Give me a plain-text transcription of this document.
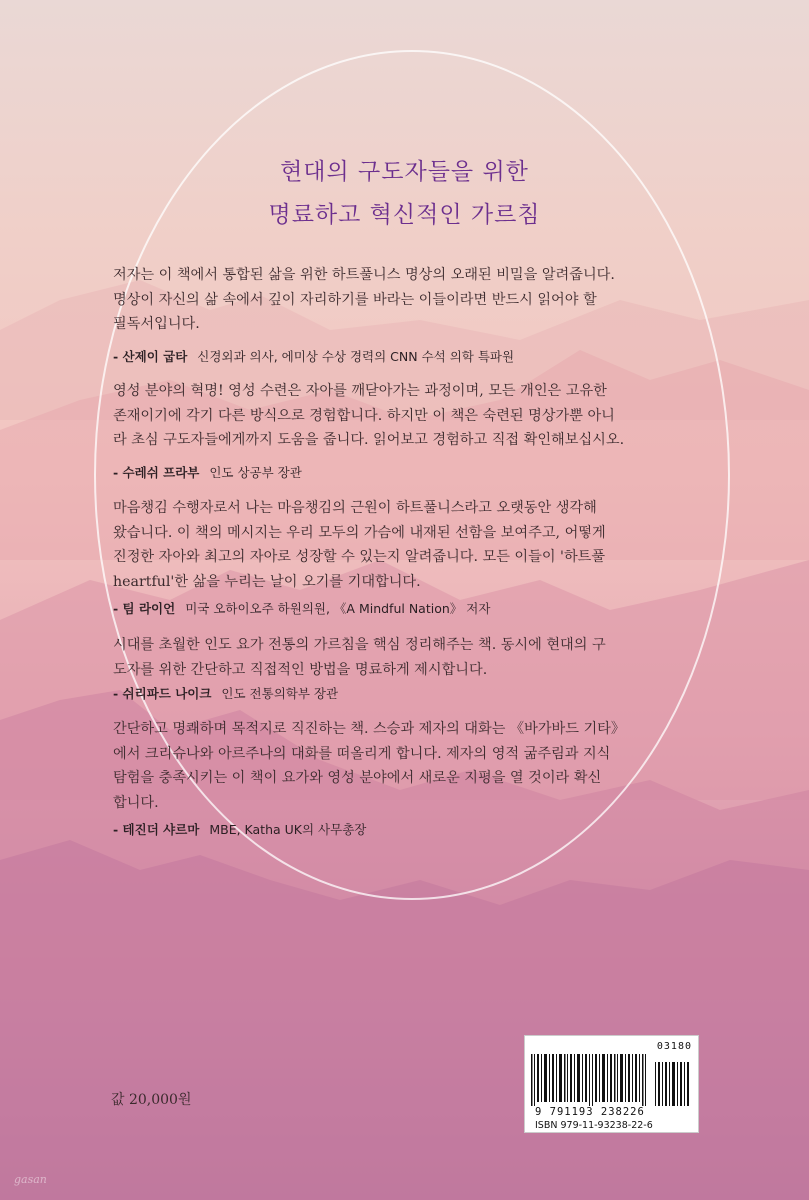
현대의 구도자들을 위한
명료하고 혁신적인 가르침
저자는 이 책에서 통합된 삶을 위한 하트풀니스 명상의 오래된 비밀을 알려줍니다.
명상이 자신의 삶 속에서 깊이 자리하기를 바라는 이들이라면 반드시 읽어야 할
필독서입니다.
- 산제이 굽타 신경외과 의사, 에미상 수상 경력의 CNN 수석 의학 특파원
영성 분야의 혁명! 영성 수련은 자아를 깨닫아가는 과정이며, 모든 개인은 고유한
존재이기에 각기 다른 방식으로 경험합니다. 하지만 이 책은 숙련된 명상가뿐 아니
라 초심 구도자들에게까지 도움을 줍니다. 읽어보고 경험하고 직접 확인해보십시오.
- 수레쉬 프라부 인도 상공부 장관
마음챙김 수행자로서 나는 마음챙김의 근원이 하트풀니스라고 오랫동안 생각해
왔습니다. 이 책의 메시지는 우리 모두의 가슴에 내재된 선함을 보여주고, 어떻게
진정한 자아와 최고의 자아로 성장할 수 있는지 알려줍니다. 모든 이들이 '하트풀
heartful'한 삶을 누리는 날이 오기를 기대합니다.
- 팀 라이언 미국 오하이오주 하원의원, 《A Mindful Nation》 저자
시대를 초월한 인도 요가 전통의 가르침을 핵심 정리해주는 책. 동시에 현대의 구
도자를 위한 간단하고 직접적인 방법을 명료하게 제시합니다.
- 쉬리파드 나이크 인도 전통의학부 장관
간단하고 명쾌하며 목적지로 직진하는 책. 스승과 제자의 대화는 《바가바드 기타》
에서 크리슈나와 아르주나의 대화를 떠올리게 합니다. 제자의 영적 굶주림과 지식
탐험을 충족시키는 이 책이 요가와 영성 분야에서 새로운 지평을 열 것이라 확신
합니다.
- 테진더 샤르마 MBE, Katha UK의 사무총장
값 20,000원
03180
9 791193 238226
ISBN 979-11-93238-22-6
gasan
